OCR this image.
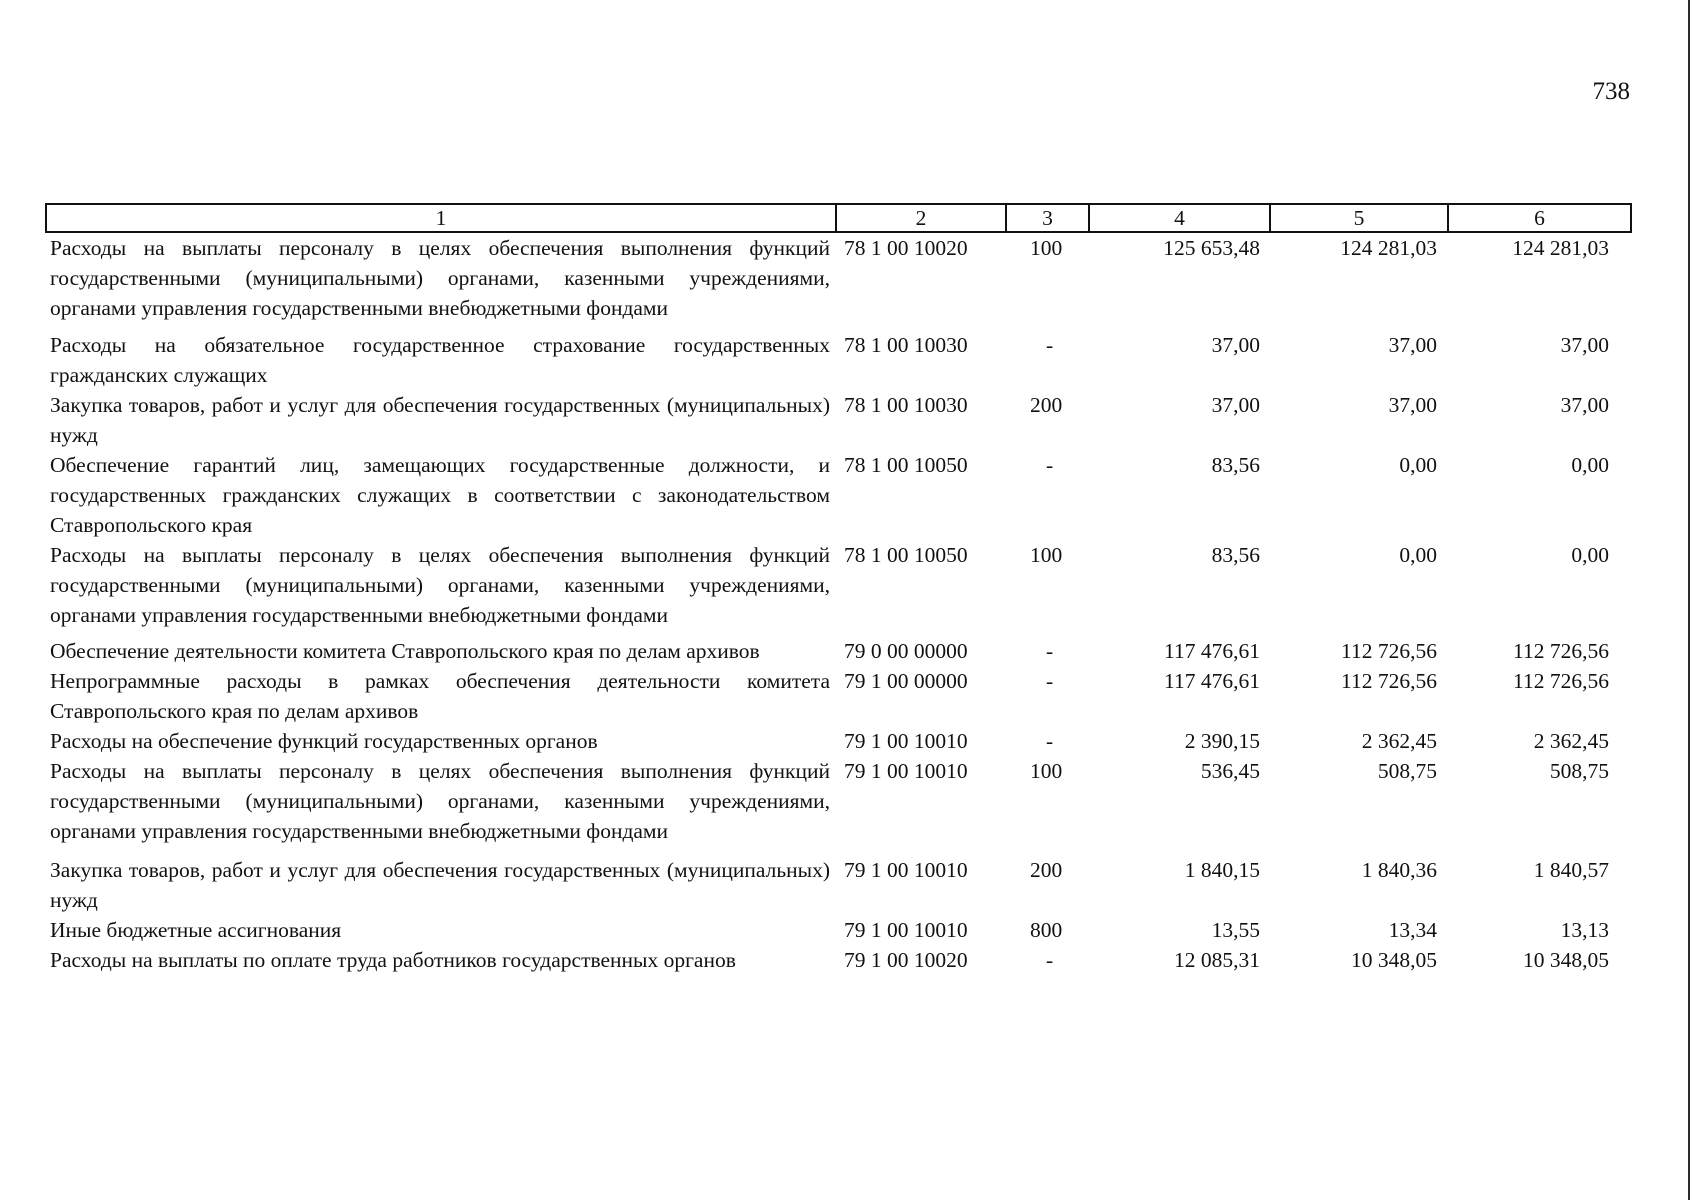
738
1	2	3	4	5	6
Расходы на выплаты персоналу в целях обеспечения выполнения функций государственными (муниципальными) органами, казенными учреждениями, органами управления государственными внебюджетными фондами	78 1 00 10020	100	125 653,48	124 281,03	124 281,03
Расходы на обязательное государственное страхование государственных гражданских служащих	78 1 00 10030	-	37,00	37,00	37,00
Закупка товаров, работ и услуг для обеспечения государственных (муниципальных) нужд	78 1 00 10030	200	37,00	37,00	37,00
Обеспечение гарантий лиц, замещающих государственные должности, и государственных гражданских служащих в соответствии с законодательством Ставропольского края	78 1 00 10050	-	83,56	0,00	0,00
Расходы на выплаты персоналу в целях обеспечения выполнения функций государственными (муниципальными) органами, казенными учреждениями, органами управления государственными внебюджетными фондами	78 1 00 10050	100	83,56	0,00	0,00
Обеспечение деятельности комитета Ставропольского края по делам архивов	79 0 00 00000	-	117 476,61	112 726,56	112 726,56
Непрограммные расходы в рамках обеспечения деятельности комитета Ставропольского края по делам архивов	79 1 00 00000	-	117 476,61	112 726,56	112 726,56
Расходы на обеспечение функций государственных органов	79 1 00 10010	-	2 390,15	2 362,45	2 362,45
Расходы на выплаты персоналу в целях обеспечения выполнения функций государственными (муниципальными) органами, казенными учреждениями, органами управления государственными внебюджетными фондами	79 1 00 10010	100	536,45	508,75	508,75
Закупка товаров, работ и услуг для обеспечения государственных (муниципальных) нужд	79 1 00 10010	200	1 840,15	1 840,36	1 840,57
Иные бюджетные ассигнования	79 1 00 10010	800	13,55	13,34	13,13
Расходы на выплаты по оплате труда работников государственных органов	79 1 00 10020	-	12 085,31	10 348,05	10 348,05
